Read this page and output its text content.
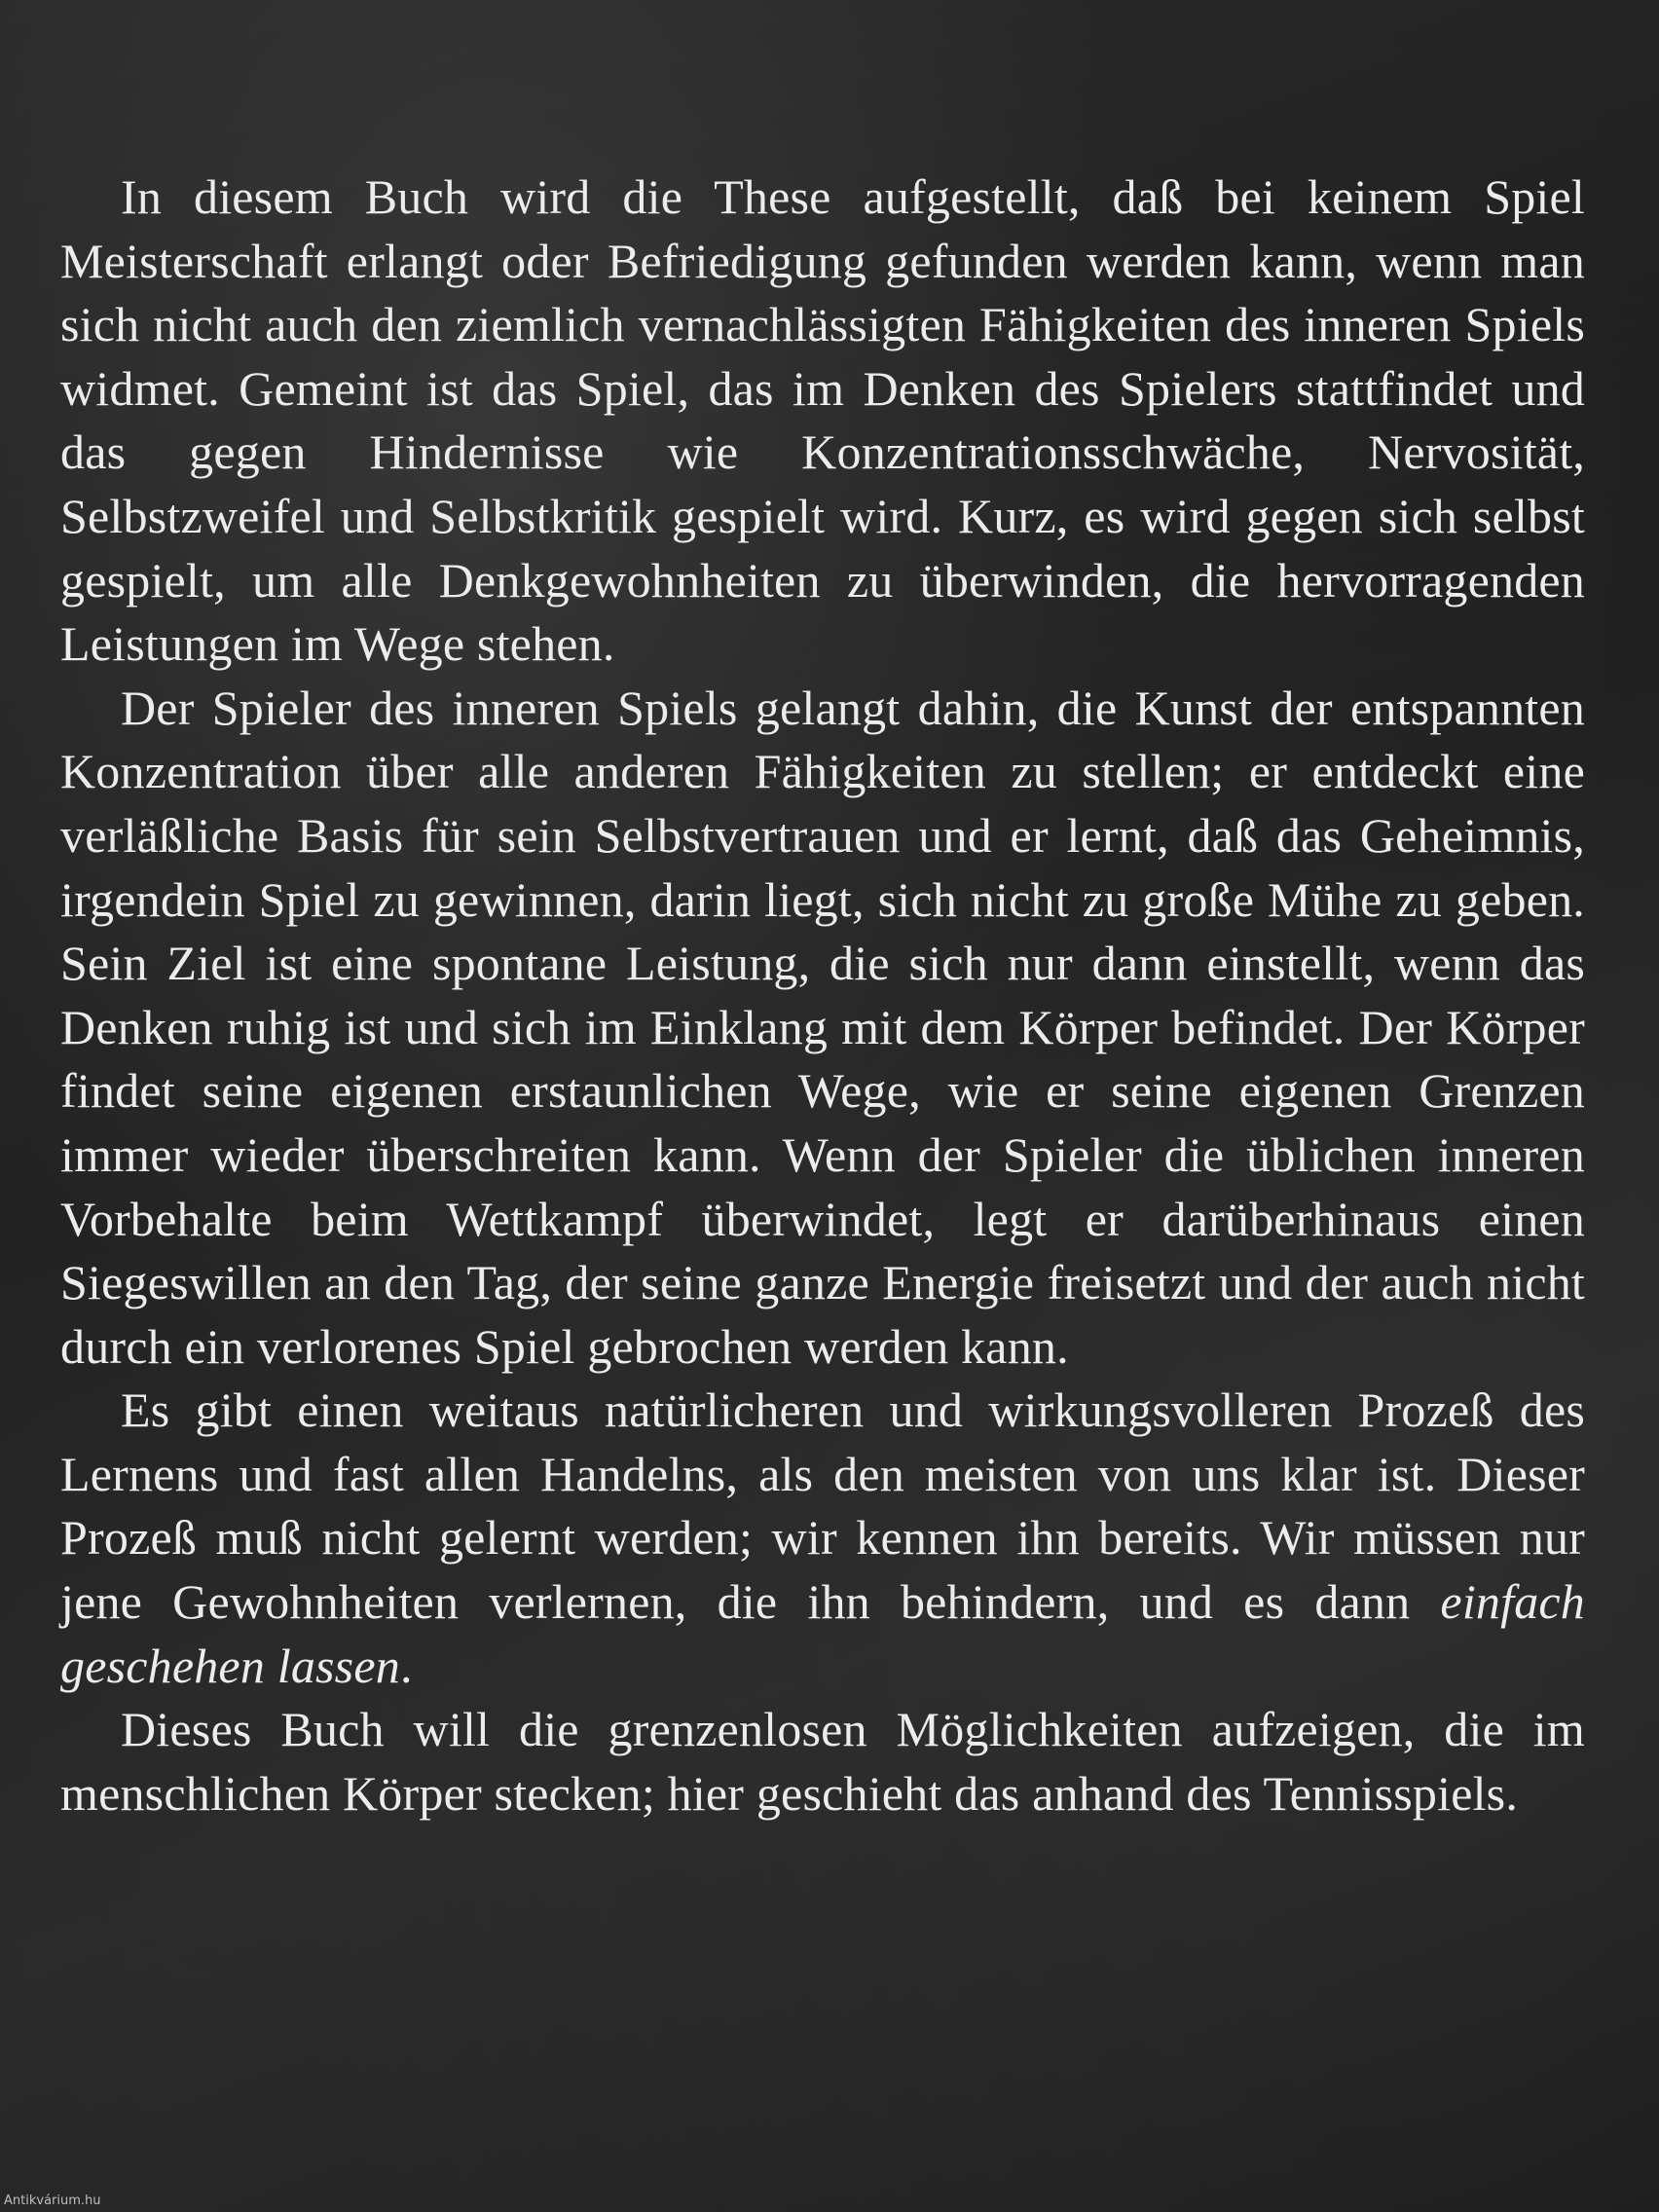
In diesem Buch wird die These aufgestellt, daß bei keinem Spiel Meisterschaft erlangt oder Befriedigung gefunden werden kann, wenn man sich nicht auch den ziemlich vernachlässigten Fähigkeiten des inneren Spiels widmet. Gemeint ist das Spiel, das im Denken des Spielers stattfindet und das gegen Hindernisse wie Konzentrationsschwäche, Nervosität, Selbstzweifel und Selbstkritik gespielt wird. Kurz, es wird gegen sich selbst gespielt, um alle Denkgewohnheiten zu überwinden, die hervorragenden Leistungen im Wege stehen.

Der Spieler des inneren Spiels gelangt dahin, die Kunst der entspannten Konzentration über alle anderen Fähigkeiten zu stellen; er entdeckt eine verläßliche Basis für sein Selbstvertrauen und er lernt, daß das Geheimnis, irgendein Spiel zu gewinnen, darin liegt, sich nicht zu große Mühe zu geben. Sein Ziel ist eine spontane Leistung, die sich nur dann einstellt, wenn das Denken ruhig ist und sich im Einklang mit dem Körper befindet. Der Körper findet seine eigenen erstaunlichen Wege, wie er seine eigenen Grenzen immer wieder überschreiten kann. Wenn der Spieler die üblichen inneren Vorbehalte beim Wettkampf überwindet, legt er darüberhinaus einen Siegeswillen an den Tag, der seine ganze Energie freisetzt und der auch nicht durch ein verlorenes Spiel gebrochen werden kann.

Es gibt einen weitaus natürlicheren und wirkungsvolleren Prozeß des Lernens und fast allen Handelns, als den meisten von uns klar ist. Dieser Prozeß muß nicht gelernt werden; wir kennen ihn bereits. Wir müssen nur jene Gewohnheiten verlernen, die ihn behindern, und es dann einfach geschehen lassen.

Dieses Buch will die grenzenlosen Möglichkeiten aufzeigen, die im menschlichen Körper stecken; hier geschieht das anhand des Tennisspiels.

Antikvárium.hu
